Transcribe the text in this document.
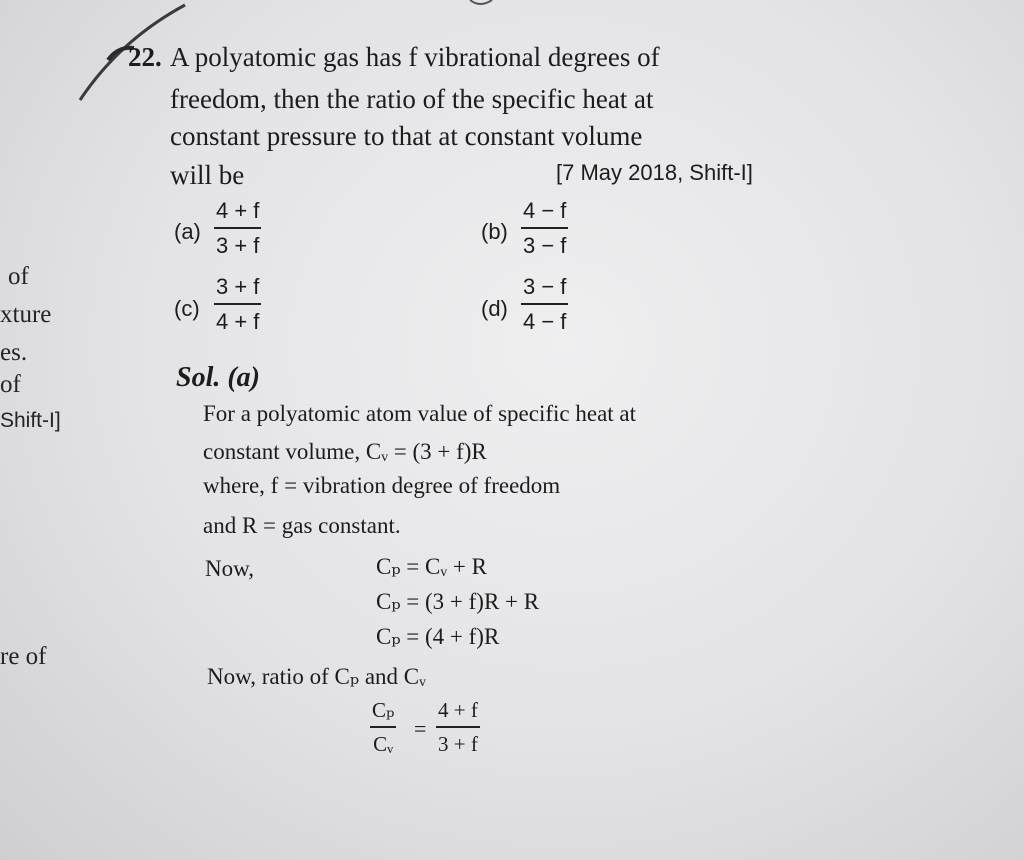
of
xture
es.
of
Shift-I]
re of
22. A polyatomic gas has f vibrational degrees of
freedom, then the ratio of the specific heat at
constant pressure to that at constant volume
will be	[7 May 2018, Shift-I]
(a)
4 + f
3 + f
(b)
4 − f
3 − f
(c)
3 + f
4 + f
(d)
3 − f
4 − f
Sol. (a)
For a polyatomic atom value of specific heat at
constant volume, Cᵥ = (3 + f)R
where, f = vibration degree of freedom
and R = gas constant.
Now,	Cₚ = Cᵥ + R
Cₚ = (3 + f)R + R
Cₚ = (4 + f)R
Now, ratio of Cₚ and Cᵥ
Cₚ
Cᵥ
=
4 + f
3 + f
